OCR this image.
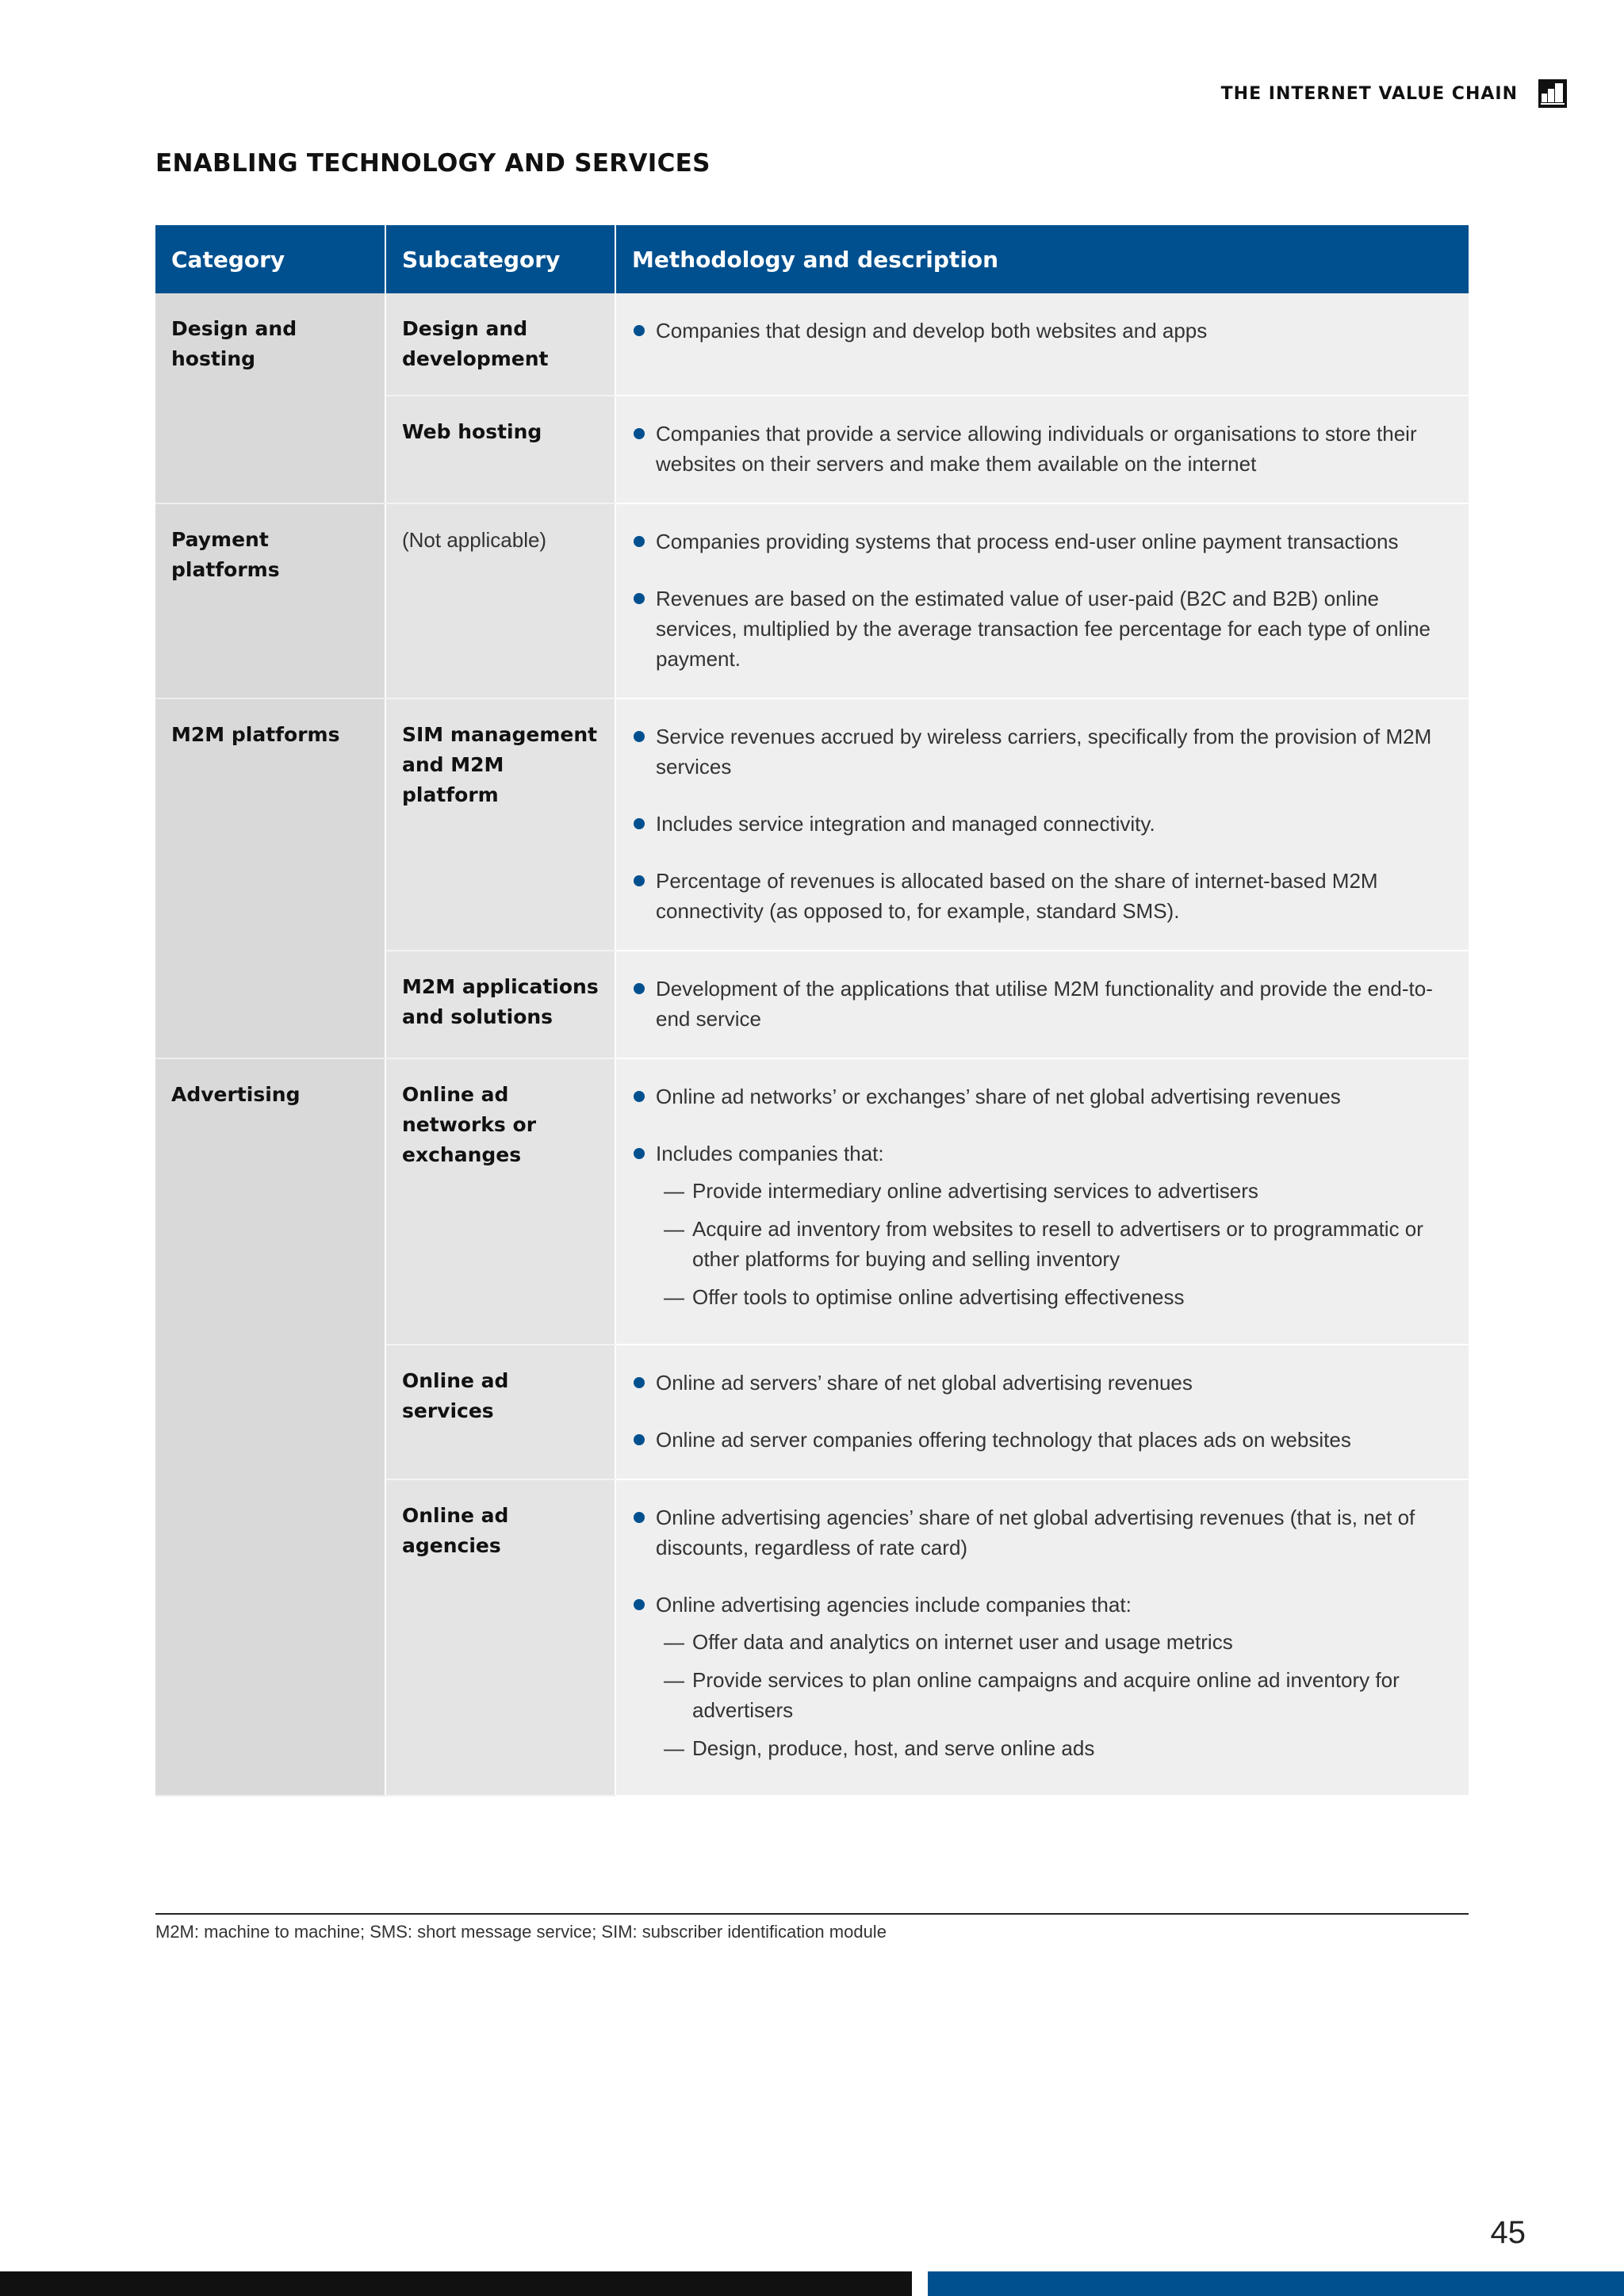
THE INTERNET VALUE CHAIN
ENABLING TECHNOLOGY AND SERVICES
Category	Subcategory	Methodology and description
Design and hosting	Design and development	Companies that design and develop both websites and apps

	Web hosting	Companies that provide a service allowing individuals or organisations to store their websites on their servers and make them available on the internet

Payment platforms	(Not applicable)	Companies providing systems that process end-user online payment transactions
Revenues are based on the estimated value of user-paid (B2C and B2B) online services, multiplied by the average transaction fee percentage for each type of online payment.

M2M platforms	SIM management and M2M platform	Service revenues accrued by wireless carriers, specifically from the provision of M2M services
Includes service integration and managed connectivity.
Percentage of revenues is allocated based on the share of internet-based M2M connectivity (as opposed to, for example, standard SMS).

	M2M applications and solutions	Development of the applications that utilise M2M functionality and provide the end-to-end service

Advertising	Online ad networks or exchanges	Online ad networks’ or exchanges’ share of net global advertising revenues
Includes companies that:
— Provide intermediary online advertising services to advertisers
— Acquire ad inventory from websites to resell to advertisers or to programmatic or other platforms for buying and selling inventory
— Offer tools to optimise online advertising effectiveness

	Online ad services	Online ad servers’ share of net global advertising revenues
Online ad server companies offering technology that places ads on websites

	Online ad agencies	Online advertising agencies’ share of net global advertising revenues (that is, net of discounts, regardless of rate card)
Online advertising agencies include companies that:
— Offer data and analytics on internet user and usage metrics
— Provide services to plan online campaigns and acquire online ad inventory for advertisers
— Design, produce, host, and serve online ads
M2M: machine to machine; SMS: short message service; SIM: subscriber identification module
45
